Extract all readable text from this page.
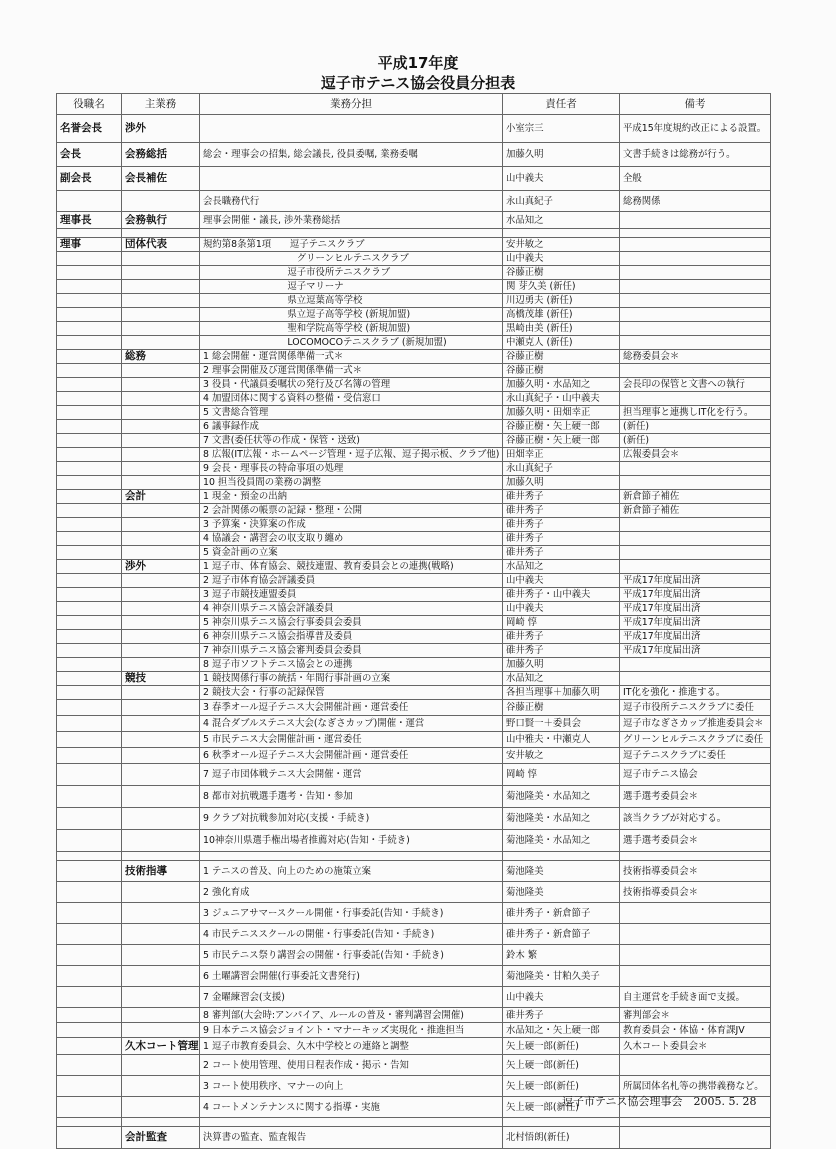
平成17年度
逗子市テニス協会役員分担表
役職名	主業務	業務分担	責任者	備考
名誉会長	渉外		小室宗三	平成15年度規約改正による設置。
会長	会務総括	総会・理事会の招集, 総会議長, 役員委嘱, 業務委嘱	加藤久明	文書手続きは総務が行う。
副会長	会長補佐		山中義夫	全般
		会長職務代行	永山真紀子	総務関係
理事長	会務執行	理事会開催・議長, 渉外業務総括	水品知之	

理事	団体代表	規約第8条第1項　　逗子テニスクラブ	安井敏之	
		　　　　　　　　　　グリーンヒルテニスクラブ	山中義夫	
		　　　　　　　　　逗子市役所テニスクラブ	谷藤正樹	
		　　　　　　　　　逗子マリーナ	関 芽久美 (新任)	
		　　　　　　　　　県立逗葉高等学校	川辺勇夫 (新任)	
		　　　　　　　　　県立逗子高等学校 (新規加盟)	高橋茂雄 (新任)	
		　　　　　　　　　聖和学院高等学校 (新規加盟)	黒崎由美 (新任)	
		　　　　　　　　　LOCOMOCOテニスクラブ (新規加盟)	中瀬克人 (新任)	
	総務	1 総会開催・運営関係準備一式＊	谷藤正樹	総務委員会＊
		2 理事会開催及び運営関係準備一式＊	谷藤正樹	
		3 役員・代議員委嘱状の発行及び名簿の管理	加藤久明・水品知之	会長印の保管と文書への執行
		4 加盟団体に関する資料の整備・受信窓口	永山真紀子・山中義夫	
		5 文書総合管理	加藤久明・田畑幸正	担当理事と連携しIT化を行う。
		6 議事録作成	谷藤正樹・矢上硬一郎	(新任)
		7 文書(委任状等の作成・保管・送致)	谷藤正樹・矢上硬一郎	(新任)
		8 広報(IT広報・ホームページ管理・逗子広報、逗子掲示板、クラブ他)	田畑幸正	広報委員会＊
		9 会長・理事長の特命事項の処理	永山真紀子	
		10 担当役員間の業務の調整	加藤久明	
	会計	1 現金・預金の出納	碓井秀子	新倉節子補佐
		2 会計関係の帳票の記録・整理・公開	碓井秀子	新倉節子補佐
		3 予算案・決算案の作成	碓井秀子	
		4 協議会・講習会の収支取り纏め	碓井秀子	
		5 資金計画の立案	碓井秀子	
	渉外	1 逗子市、体育協会、競技連盟、教育委員会との連携(戦略)	水品知之	
		2 逗子市体育協会評議委員	山中義夫	平成17年度届出済
		3 逗子市競技連盟委員	碓井秀子・山中義夫	平成17年度届出済
		4 神奈川県テニス協会評議委員	山中義夫	平成17年度届出済
		5 神奈川県テニス協会行事委員会委員	岡崎 惇	平成17年度届出済
		6 神奈川県テニス協会指導普及委員	碓井秀子	平成17年度届出済
		7 神奈川県テニス協会審判委員会委員	碓井秀子	平成17年度届出済
		8 逗子市ソフトテニス協会との連携	加藤久明	
	競技	1 競技関係行事の統括・年間行事計画の立案	水品知之	
		2 競技大会・行事の記録保管	各担当理事＋加藤久明	IT化を強化・推進する。
		3 春季オール逗子テニス大会開催計画・運営委任	谷藤正樹	逗子市役所テニスクラブに委任
		4 混合ダブルステニス大会(なぎさカップ)開催・運営	野口賢一＋委員会	逗子市なぎさカップ推進委員会＊
		5 市民テニス大会開催計画・運営委任	山中雅夫・中瀬克人	グリーンヒルテニスクラブに委任
		6 秋季オール逗子テニス大会開催計画・運営委任	安井敏之	逗子テニスクラブに委任
		7 逗子市団体戦テニス大会開催・運営	岡崎 惇	逗子市テニス協会
		8 都市対抗戦選手選考・告知・参加	菊池隆美・水品知之	選手選考委員会＊
		9 クラブ対抗戦参加対応(支援・手続き)	菊池隆美・水品知之	該当クラブが対応する。
		10神奈川県選手権出場者推薦対応(告知・手続き)	菊池隆美・水品知之	選手選考委員会＊

	技術指導	1 テニスの普及、向上のための施策立案	菊池隆美	技術指導委員会＊
		2 強化育成	菊池隆美	技術指導委員会＊
		3 ジュニアサマースクール開催・行事委託(告知・手続き)	碓井秀子・新倉節子	
		4 市民テニススクールの開催・行事委託(告知・手続き)	碓井秀子・新倉節子	
		5 市民テニス祭り講習会の開催・行事委託(告知・手続き)	鈴木 繁	
		6 土曜講習会開催(行事委託文書発行)	菊池隆美・甘粕久美子	
		7 金曜練習会(支援)	山中義夫	自主運営を手続き面で支援。
		8 審判部(大会時:アンパイア、ルールの普及・審判講習会開催)	碓井秀子	審判部会＊
		9 日本テニス協会ジョイント・マナーキッズ実現化・推進担当	水品知之・矢上硬一郎	教育委員会・体協・体育課JV
	久木コート管理	1 逗子市教育委員会、久木中学校との連絡と調整	矢上硬一郎(新任)	久木コート委員会＊
		2 コート使用管理、使用日程表作成・掲示・告知	矢上硬一郎(新任)	
		3 コート使用秩序、マナーの向上	矢上硬一郎(新任)	所属団体名札等の携帯義務など。
		4 コートメンテナンスに関する指導・実施	矢上硬一郎(新任)	

	会計監査	決算書の監査、監査報告	北村悟朗(新任)	
逗子市テニス協会理事会　2005. 5. 28
